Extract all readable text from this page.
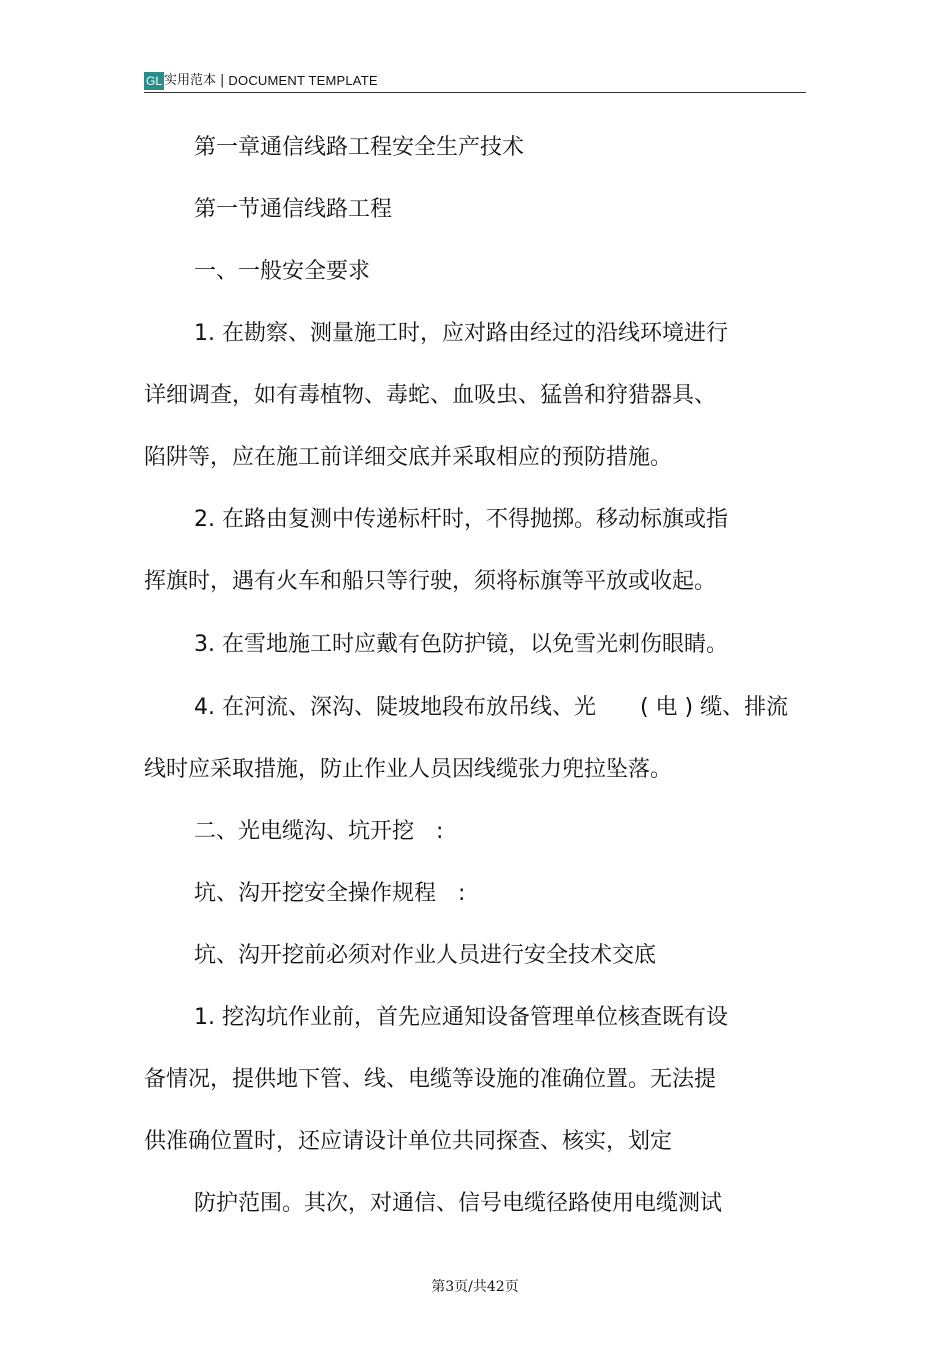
GL 实用范本 | DOCUMENT TEMPLATE
第一章通信线路工程安全生产技术
第一节通信线路工程
一、一般安全要求
1. 在勘察、测量施工时，应对路由经过的沿线环境进行
详细调查，如有毒植物、毒蛇、血吸虫、猛兽和狩猎器具、
陷阱等，应在施工前详细交底并采取相应的预防措施。
2. 在路由复测中传递标杆时，不得抛掷。移动标旗或指
挥旗时，遇有火车和船只等行驶，须将标旗等平放或收起。
3. 在雪地施工时应戴有色防护镜，以免雪光刺伤眼睛。
4. 在河流、深沟、陡坡地段布放吊线、光　　( 电 ) 缆、排流
线时应采取措施，防止作业人员因线缆张力兜拉坠落。
二、光电缆沟、坑开挖　:
坑、沟开挖安全操作规程　:
坑、沟开挖前必须对作业人员进行安全技术交底
1. 挖沟坑作业前，首先应通知设备管理单位核查既有设
备情况，提供地下管、线、电缆等设施的准确位置。无法提
供准确位置时，还应请设计单位共同探查、核实，划定
防护范围。其次，对通信、信号电缆径路使用电缆测试
第3页/共42页
